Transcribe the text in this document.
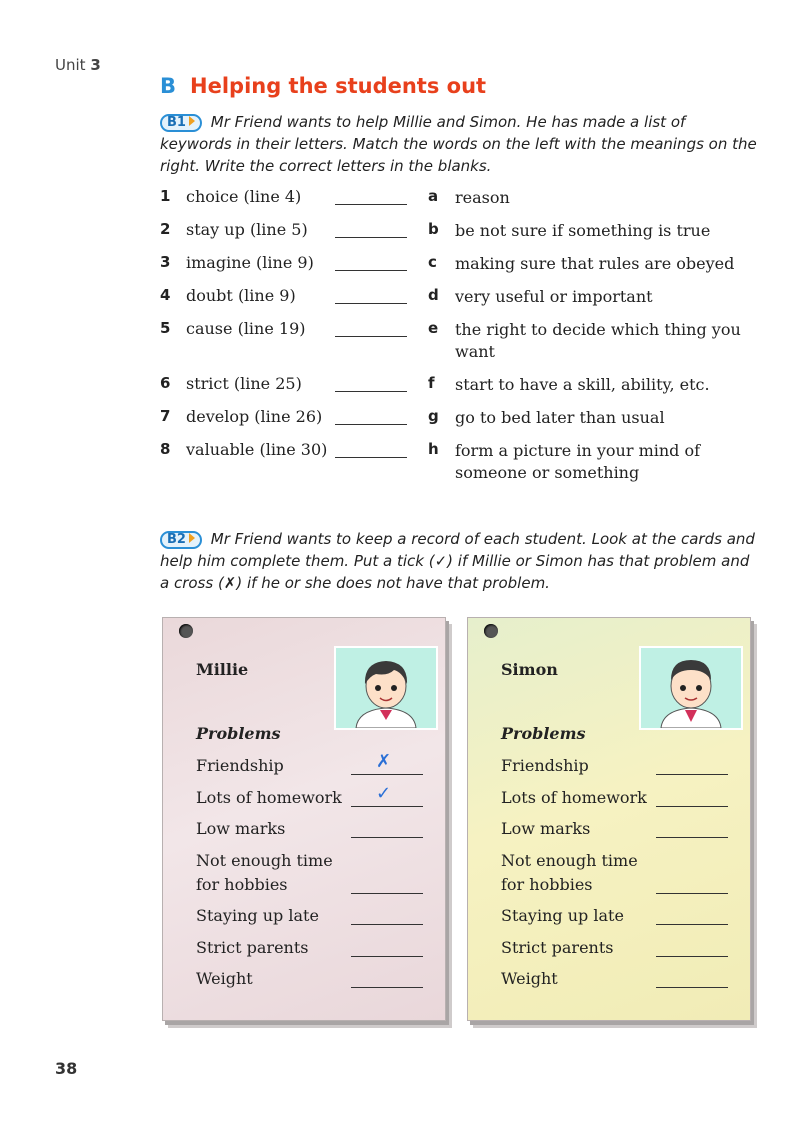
Unit 3
B Helping the students out
B1 Mr Friend wants to help Millie and Simon. He has made a list of keywords in their letters. Match the words on the left with the meanings on the right. Write the correct letters in the blanks.
1 choice (line 4)	a reason
2 stay up (line 5)	b be not sure if something is true
3 imagine (line 9)	c making sure that rules are obeyed
4 doubt (line 9)	d very useful or important
5 cause (line 19)	e the right to decide which thing you want
6 strict (line 25)	f start to have a skill, ability, etc.
7 develop (line 26)	g go to bed later than usual
8 valuable (line 30)	h form a picture in your mind of someone or something
B2 Mr Friend wants to keep a record of each student. Look at the cards and help him complete them. Put a tick (✓) if Millie or Simon has that problem and a cross (✗) if he or she does not have that problem.
Millie
Problems
Friendship	✗
Lots of homework ✓
Low marks
Not enough time for hobbies
Staying up late
Strict parents
Weight
Simon
Problems
Friendship
Lots of homework
Low marks
Not enough time for hobbies
Staying up late
Strict parents
Weight
38
